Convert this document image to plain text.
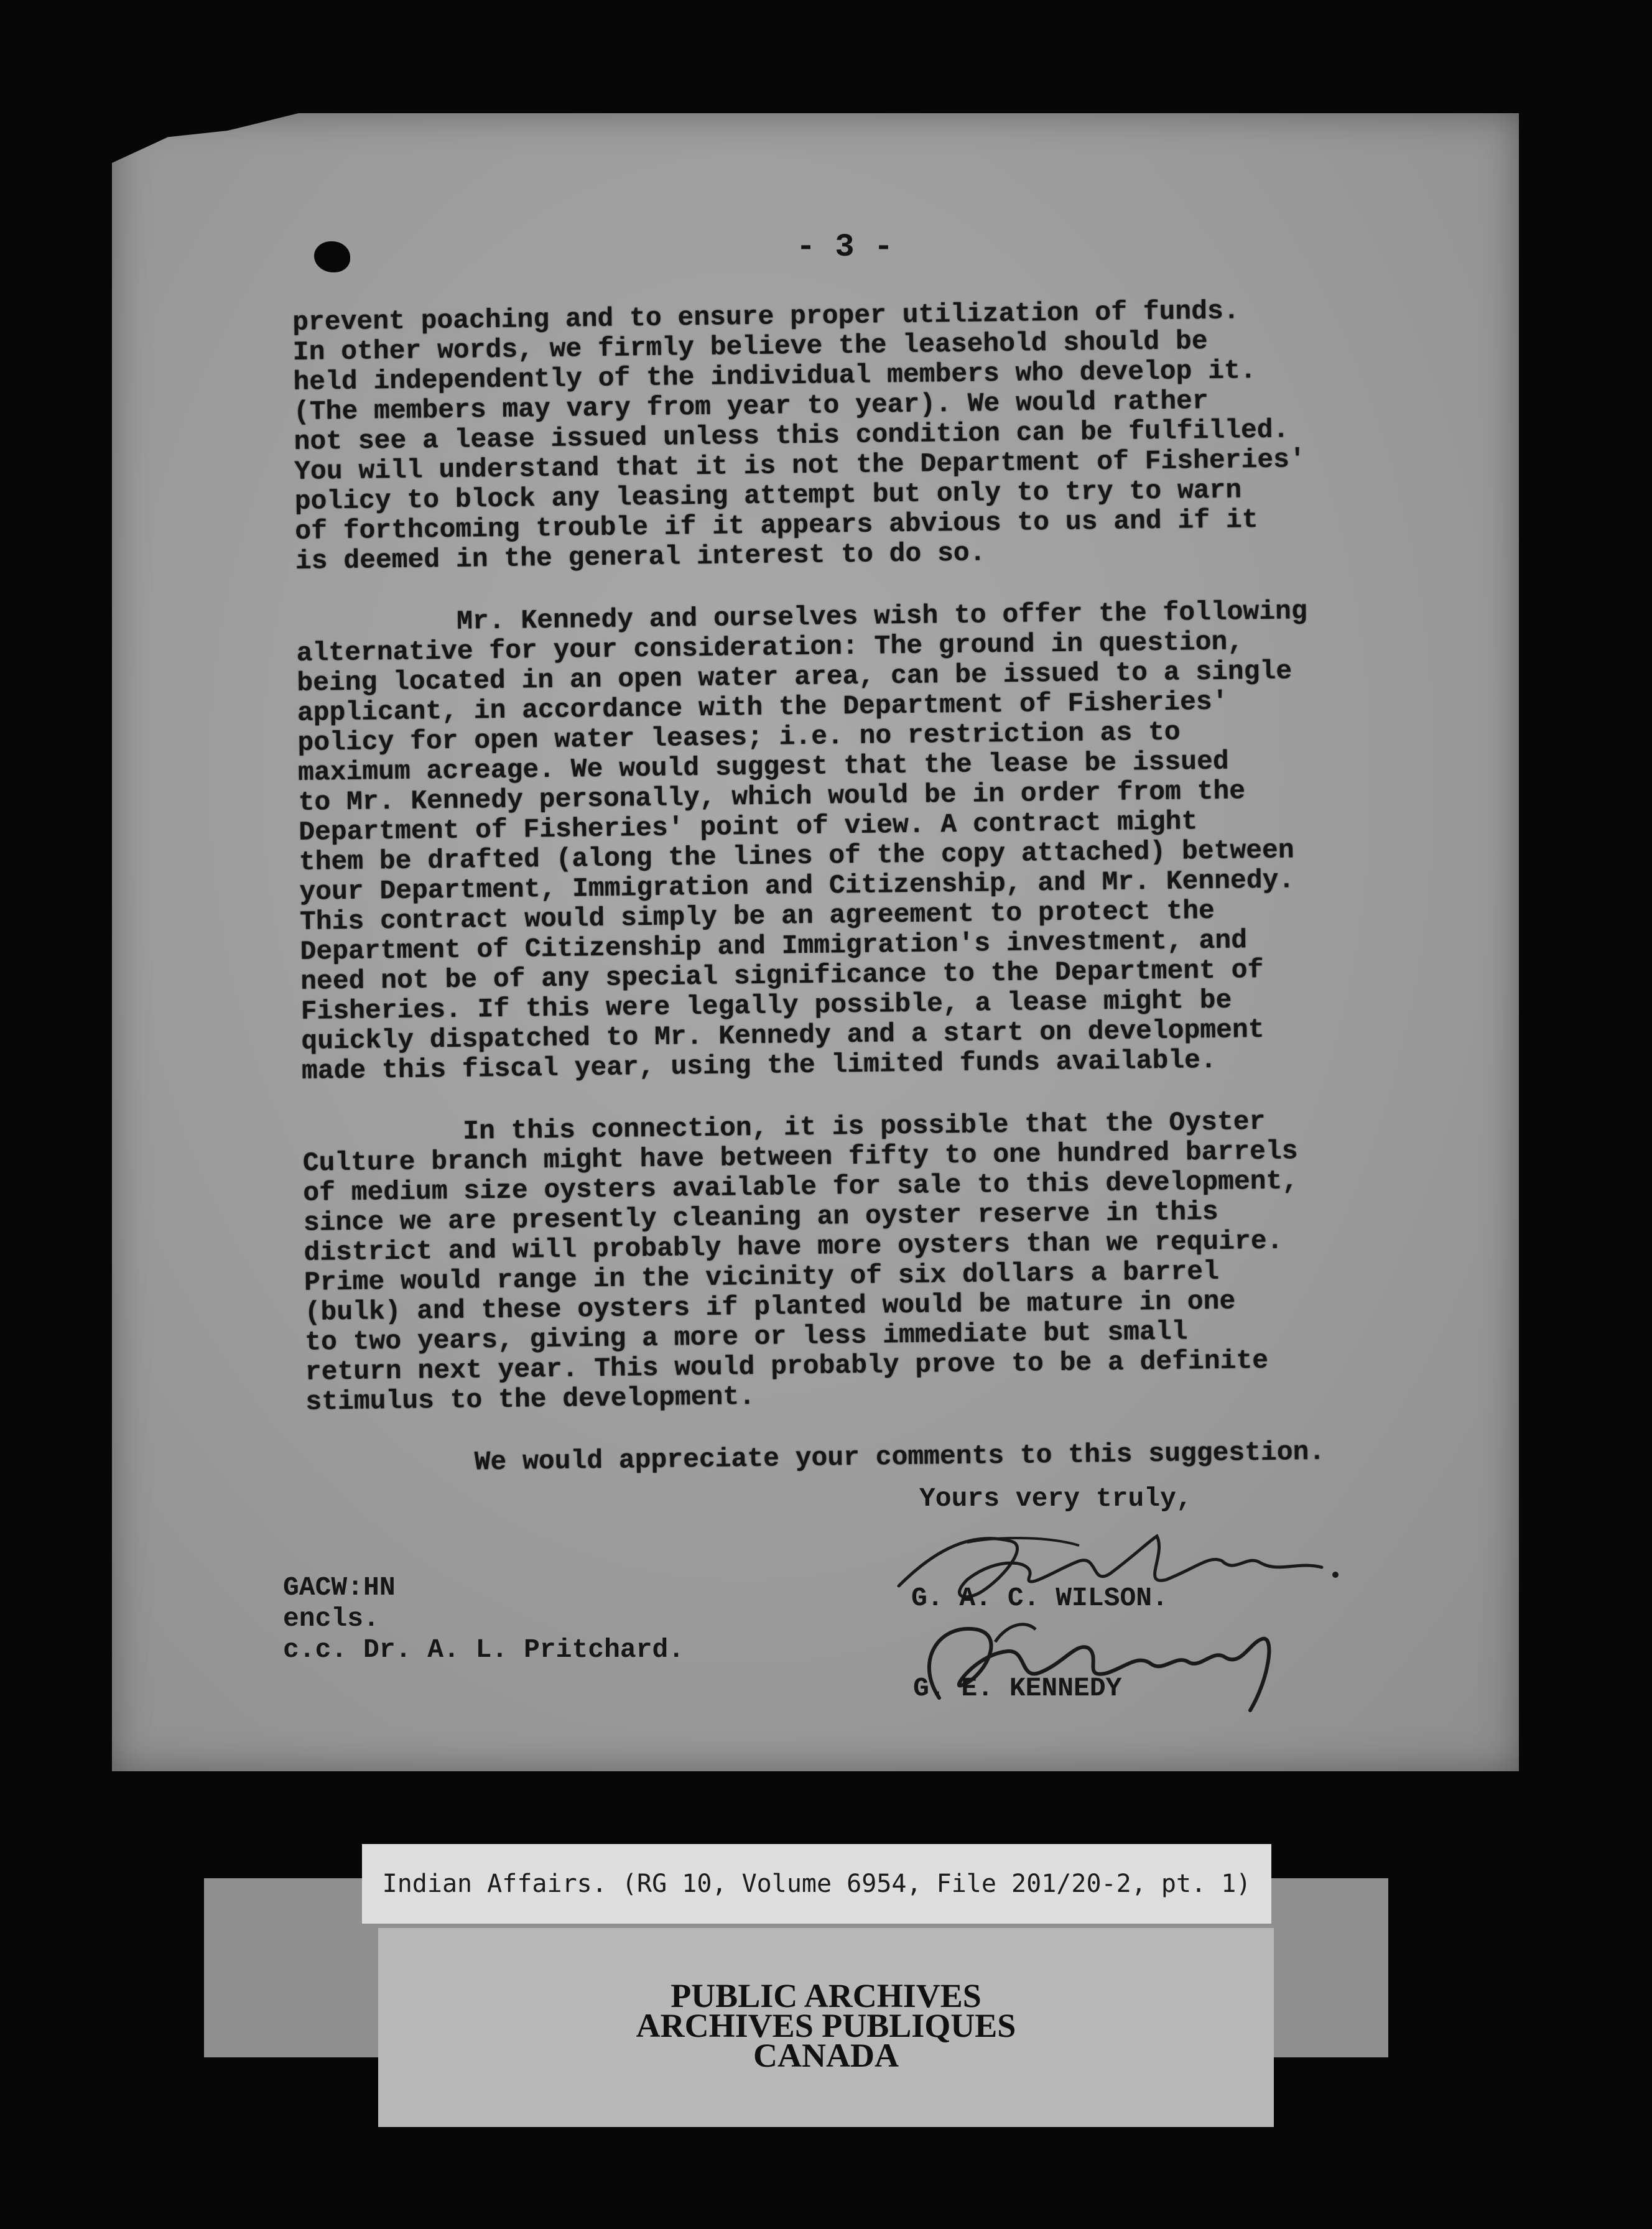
- 3 -

prevent poaching and to ensure proper utilization of funds.
In other words, we firmly believe the leasehold should be
held independently of the individual members who develop it.
(The members may vary from year to year). We would rather
not see a lease issued unless this condition can be fulfilled.
You will understand that it is not the Department of Fisheries'
policy to block any leasing attempt but only to try to warn
of forthcoming trouble if it appears abvious to us and if it
is deemed in the general interest to do so.

Mr. Kennedy and ourselves wish to offer the following
alternative for your consideration: The ground in question,
being located in an open water area, can be issued to a single
applicant, in accordance with the Department of Fisheries'
policy for open water leases; i.e. no restriction as to
maximum acreage. We would suggest that the lease be issued
to Mr. Kennedy personally, which would be in order from the
Department of Fisheries' point of view. A contract might
them be drafted (along the lines of the copy attached) between
your Department, Immigration and Citizenship, and Mr. Kennedy.
This contract would simply be an agreement to protect the
Department of Citizenship and Immigration's investment, and
need not be of any special significance to the Department of
Fisheries. If this were legally possible, a lease might be
quickly dispatched to Mr. Kennedy and a start on development
made this fiscal year, using the limited funds available.

In this connection, it is possible that the Oyster
Culture branch might have between fifty to one hundred barrels
of medium size oysters available for sale to this development,
since we are presently cleaning an oyster reserve in this
district and will probably have more oysters than we require.
Prime would range in the vicinity of six dollars a barrel
(bulk) and these oysters if planted would be mature in one
to two years, giving a more or less immediate but small
return next year. This would probably prove to be a definite
stimulus to the development.

We would appreciate your comments to this suggestion.
Yours very truly,
G. A. C. WILSON.
G. E. KENNEDY
GACW:HN
encls.
c.c. Dr. A. L. Pritchard.
Indian Affairs. (RG 10, Volume 6954, File 201/20-2, pt. 1)
PUBLIC ARCHIVES
ARCHIVES PUBLIQUES
CANADA
